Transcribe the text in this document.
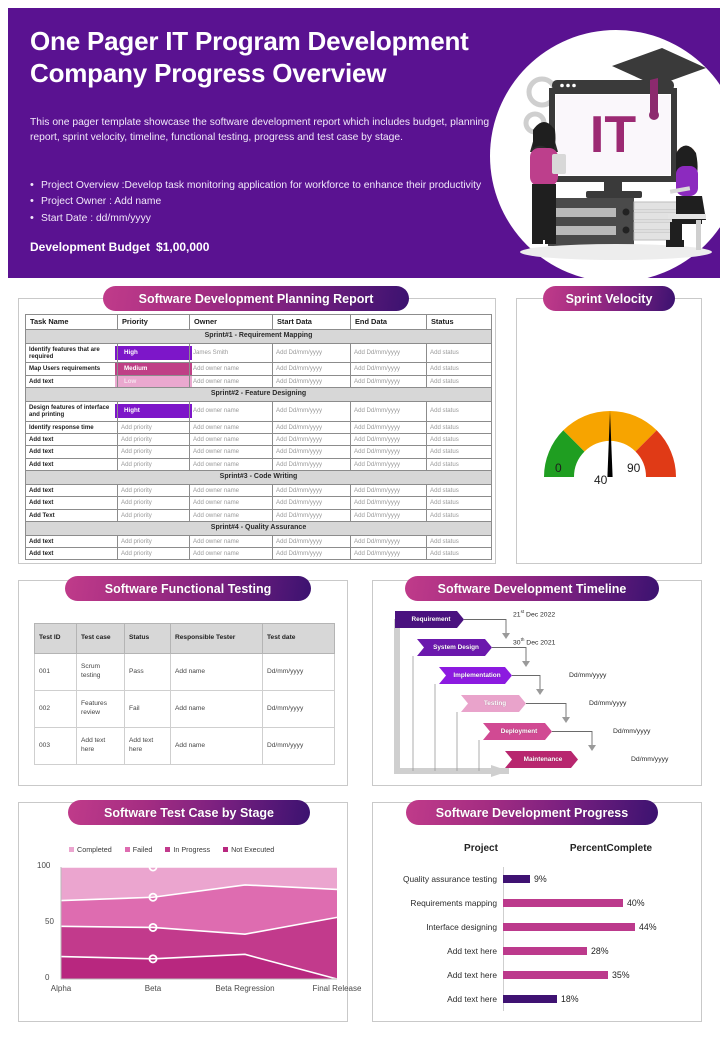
One Pager IT Program Development
Company Progress Overview
This one pager template showcase the software development report which includes budget, planning report, sprint velocity, timeline, functional testing, progress and test case by stage.
• Project Overview :Develop task monitoring application for workforce to enhance their productivity
• Project Owner : Add name
• Start Date : dd/mm/yyyy
Development Budget $1,00,000
IT
Software Development Planning Report
Task Name	Priority	Owner	Start Data	End Data	Status
Sprint#1 - Requirement Mapping					
Identify features that are required	High	James Smith	Add Dd/mm/yyyy	Add Dd/mm/yyyy	Add status
Map Users requirements	Medium	Add owner name	Add Dd/mm/yyyy	Add Dd/mm/yyyy	Add status
Add text	Low	Add owner name	Add Dd/mm/yyyy	Add Dd/mm/yyyy	Add status
Sprint#2 - Feature Designing					
Design features of interface and printing	Hight	Add owner name	Add Dd/mm/yyyy	Add Dd/mm/yyyy	Add status
Identify response time	Add priority	Add owner name	Add Dd/mm/yyyy	Add Dd/mm/yyyy	Add status
Add text	Add priority	Add owner name	Add Dd/mm/yyyy	Add Dd/mm/yyyy	Add status
Add text	Add priority	Add owner name	Add Dd/mm/yyyy	Add Dd/mm/yyyy	Add status
Add text	Add priority	Add owner name	Add Dd/mm/yyyy	Add Dd/mm/yyyy	Add status
Sprint#3 - Code Writing					
Add text	Add priority	Add owner name	Add Dd/mm/yyyy	Add Dd/mm/yyyy	Add status
Add text	Add priority	Add owner name	Add Dd/mm/yyyy	Add Dd/mm/yyyy	Add status
Add Text	Add priority	Add owner name	Add Dd/mm/yyyy	Add Dd/mm/yyyy	Add status
Sprint#4 - Quality Assurance					
Add text	Add priority	Add owner name	Add Dd/mm/yyyy	Add Dd/mm/yyyy	Add status
Add text	Add priority	Add owner name	Add Dd/mm/yyyy	Add Dd/mm/yyyy	Add status
Sprint Velocity
0
40
90
Software Functional Testing
Test ID	Test case	Status	Responsible Tester	Test date
001	Scrum testing	Pass	Add name	Dd/mm/yyyy
002	Features review	Fail	Add name	Dd/mm/yyyy
003	Add text here	Add text here	Add name	Dd/mm/yyyy
Software Development Timeline
Requirement
21st Dec 2022
System Design
30th Dec 2021
Implementation	Dd/mm/yyyy
Testing	Dd/mm/yyyy
Deployment	Dd/mm/yyyy
Maintenance	Dd/mm/yyyy
Software Test Case by Stage
Completed	Failed	In Progress	Not Executed
100
50
0
Alpha	Beta	Beta Regression	Final Release
Software Development Progress
Project	PercentComplete
Quality assurance testing	9%
Requirements mapping	40%
Interface designing	44%
Add text here	28%
Add text here	35%
Add text here	18%
